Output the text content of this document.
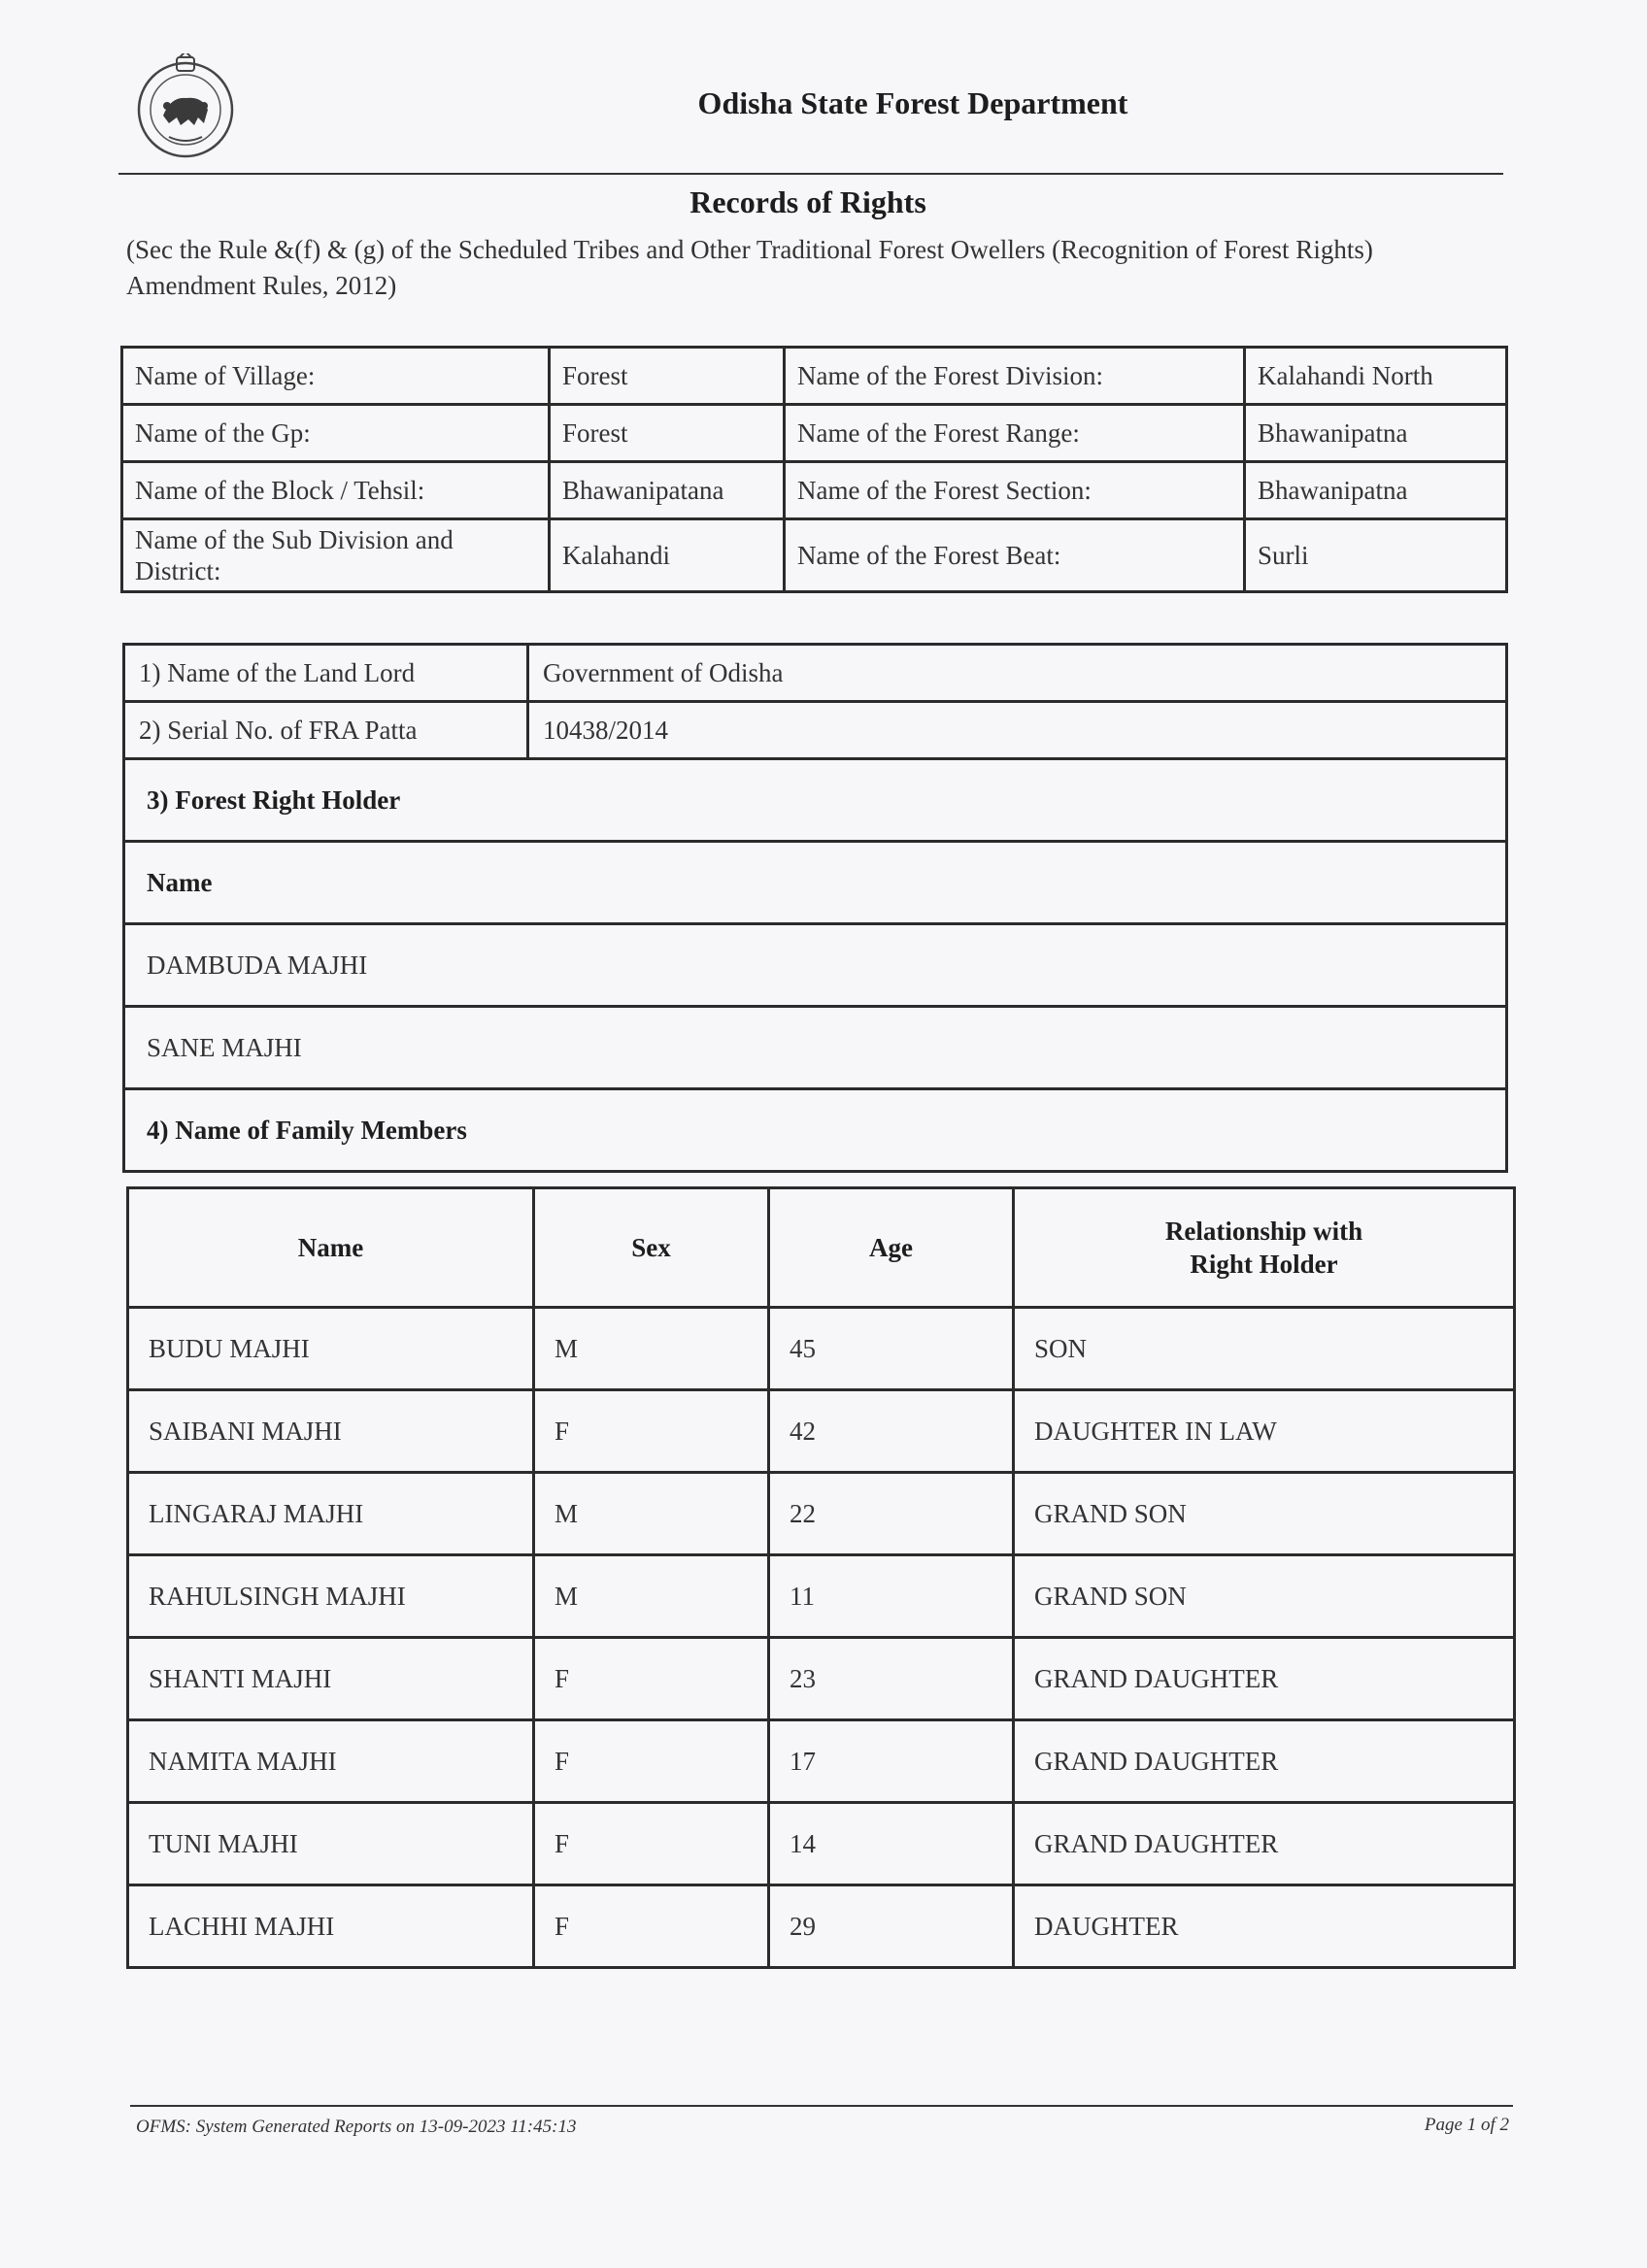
Odisha State Forest Department
Records of Rights
(Sec the Rule &(f) & (g) of the Scheduled Tribes and Other Traditional Forest Owellers (Recognition of Forest Rights) Amendment Rules, 2012)
Name of Village:	Forest	Name of the Forest Division:	Kalahandi North
Name of the Gp:	Forest	Name of the Forest Range:	Bhawanipatna
Name of the Block / Tehsil:	Bhawanipatana	Name of the Forest Section:	Bhawanipatna
Name of the Sub Division and District:	Kalahandi	Name of the Forest Beat:	Surli
1) Name of the Land Lord	Government of Odisha
2) Serial No. of FRA Patta	10438/2014
3) Forest Right Holder	
Name	
DAMBUDA MAJHI	
SANE MAJHI	
4) Name of Family Members	
Name	Sex	Age	Relationship with
Right Holder
BUDU MAJHI	M	45	SON
SAIBANI MAJHI	F	42	DAUGHTER IN LAW
LINGARAJ MAJHI	M	22	GRAND SON
RAHULSINGH MAJHI	M	11	GRAND SON
SHANTI MAJHI	F	23	GRAND DAUGHTER
NAMITA MAJHI	F	17	GRAND DAUGHTER
TUNI MAJHI	F	14	GRAND DAUGHTER
LACHHI MAJHI	F	29	DAUGHTER
OFMS: System Generated Reports on 13-09-2023 11:45:13	Page 1 of 2
